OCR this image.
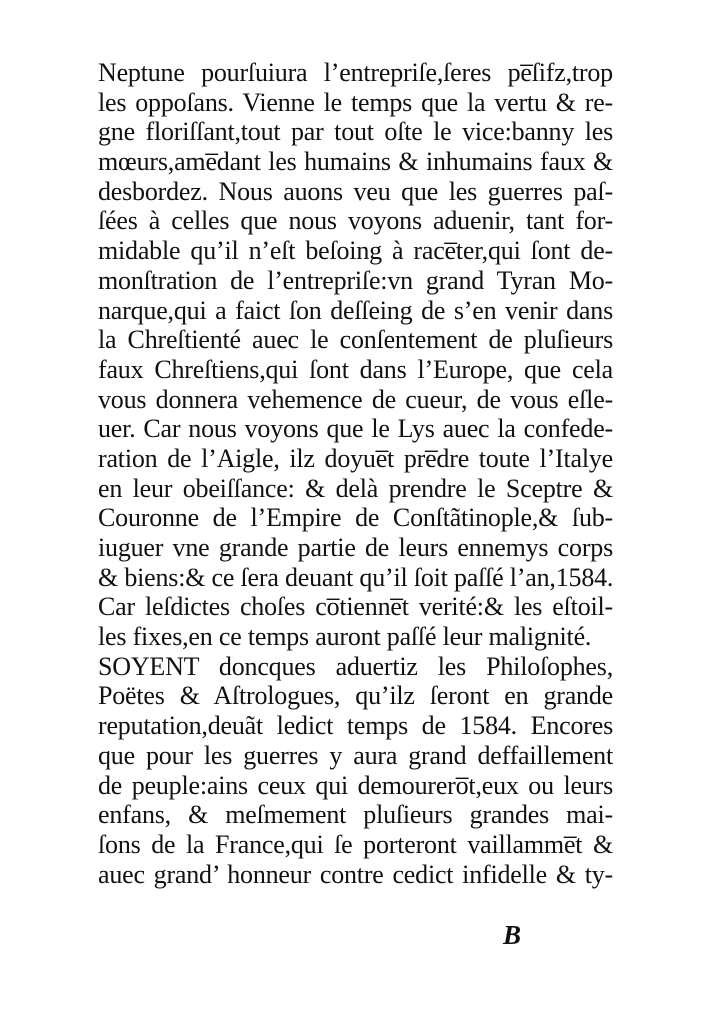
Neptune pourſuiura l’entrepriſe,ſeres pe̅ſifz,trop
les oppoſans. Vienne le temps que la vertu & re-
gne floriſſant,tout par tout oſte le vice:banny les
mœurs,ame̅dant les humains & inhumains faux &
desbordez. Nous auons veu que les guerres paſ-
ſées à celles que nous voyons aduenir, tant for-
midable qu’il n’eſt beſoing à race̅ter,qui ſont de-
monſtration de l’entrepriſe:vn grand Tyran Mo-
narque,qui a faict ſon deſſeing de s’en venir dans
la Chreſtienté auec le conſentement de pluſieurs
faux Chreſtiens,qui ſont dans l’Europe, que cela
vous donnera vehemence de cueur, de vous eſle-
uer. Car nous voyons que le Lys auec la confede-
ration de l’Aigle, ilz doyue̅t pre̅dre toute l’Italye
en leur obeiſſance: & delà prendre le Sceptre &
Couronne de l’Empire de Conſtãtinople,& ſub-
iuguer vne grande partie de leurs ennemys corps
& biens:& ce ſera deuant qu’il ſoit paſſé l’an,1584.
Car leſdictes choſes co̅tienne̅t verité:& les eſtoil-
les fixes,en ce temps auront paſſé leur malignité.
SOYENT doncques aduertiz les Philoſophes,
Poëtes & Aſtrologues, qu’ilz ſeront en grande
reputation,deuãt ledict temps de 1584. Encores
que pour les guerres y aura grand deffaillement
de peuple:ains ceux qui demourero̅t,eux ou leurs
enfans, & meſmement pluſieurs grandes mai-
ſons de la France,qui ſe porteront vaillamme̅t &
auec grand’ honneur contre cedict infidelle & ty-
B
